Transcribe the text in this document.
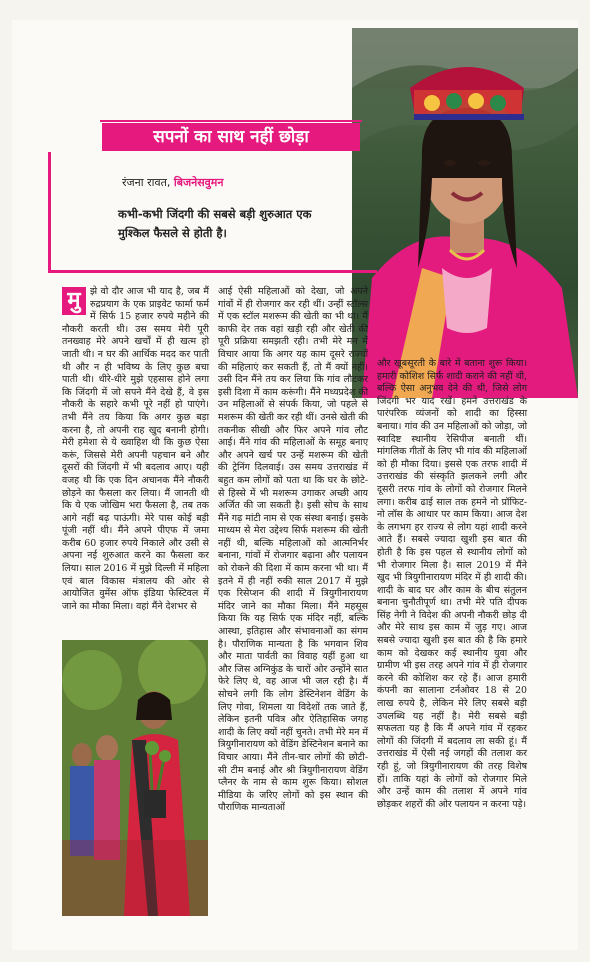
सपनों का साथ नहीं छोड़ा
रंजना रावत, बिजनेसवुमन
कभी-कभी जिंदगी की सबसे बड़ी शुरुआत एक मुश्किल फैसले से होती है।
मु	झे वो दौर आज भी याद है, जब मैं रुद्रप्रयाग के एक प्राइवेट फार्मा फर्म में सिर्फ 15 हजार रुपये महीने की नौकरी करती थी। उस समय मेरी पूरी तनख्वाह मेरे अपने खर्चों में ही खत्म हो जाती थी। न घर की आर्थिक मदद कर पाती थी और न ही भविष्य के लिए कुछ बचा पाती थी। धीरे-धीरे मुझे एहसास होने लगा कि जिंदगी में जो सपने मैंने देखे हैं, वे इस नौकरी के सहारे कभी पूरे नहीं हो पाएंगे। तभी मैंने तय किया कि अगर कुछ बड़ा करना है, तो अपनी राह खुद बनानी होगी। मेरी हमेशा से ये ख्वाहिश थी कि कुछ ऐसा करूं, जिससे मेरी अपनी पहचान बने और दूसरों की जिंदगी में भी बदलाव आए। यही वजह थी कि एक दिन अचानक मैंने नौकरी छोड़ने का फैसला कर लिया। मैं जानती थी कि ये एक जोखिम भरा फैसला है, तब तक आगे नहीं बढ़ पाऊंगी। मेरे पास कोई बड़ी पूंजी नहीं थी। मैंने अपने पीएफ में जमा करीब 60 हजार रुपये निकाले और उसी से अपना नई शुरुआत करने का फैसला कर लिया। साल 2016 में मुझे दिल्ली में महिला एवं बाल विकास मंत्रालय की ओर से आयोजित वुमेंस ऑफ इंडिया फेस्टिवल में जाने का मौका मिला। वहां मैंने देशभर से
आई ऐसी महिलाओं को देखा, जो अपने गांवों में ही रोजगार कर रही थीं। उन्हीं स्टॉल्स में एक स्टॉल मशरूम की खेती का भी था। मैं काफी देर तक वहां खड़ी रही और खेती की पूरी प्रक्रिया समझती रही। तभी मेरे मन में विचार आया कि अगर यह काम दूसरे राज्यों की महिलाएं कर सकती हैं, तो मैं क्यों नहीं। उसी दिन मैंने तय कर लिया कि गांव लौटकर इसी दिशा में काम करूंगी। मैंने मध्यप्रदेश की उन महिलाओं से संपर्क किया, जो पहले से मशरूम की खेती कर रही थीं। उनसे खेती की तकनीक सीखी और फिर अपने गांव लौट आई। मैंने गांव की महिलाओं के समूह बनाए और अपने खर्च पर उन्हें मशरूम की खेती की ट्रेनिंग दिलवाई। उस समय उत्तराखंड में बहुत कम लोगों को पता था कि घर के छोटे-से हिस्से में भी मशरूम उगाकर अच्छी आय अर्जित की जा सकती है। इसी सोच के साथ मैंने गढ़ मांटी नाम से एक संस्था बनाई। इसके माध्यम से मेरा उद्देश्य सिर्फ मशरूम की खेती नहीं थी, बल्कि महिलाओं को आत्मनिर्भर बनाना, गांवों में रोजगार बढ़ाना और पलायन को रोकने की दिशा में काम करना भी था। मैं इतने में ही नहीं रुकी साल 2017 में मुझे एक रिसेप्शन की शादी में त्रियुगीनारायण मंदिर जाने का मौका मिला। मैंने महसूस किया कि यह सिर्फ एक मंदिर नहीं, बल्कि आस्था, इतिहास और संभावनाओं का संगम है। पौराणिक मान्यता है कि भगवान शिव और माता पार्वती का विवाह यहीं हुआ था और जिस अग्निकुंड के चारों ओर उन्होंने सात फेरे लिए थे, वह आज भी जल रही है। मैं सोचने लगी कि लोग डेस्टिनेशन वेडिंग के लिए गोवा, शिमला या विदेशों तक जाते हैं, लेकिन इतनी पवित्र और ऐतिहासिक जगह शादी के लिए क्यों नहीं चुनते। तभी मेरे मन में त्रियुगीनारायण को वेडिंग डेस्टिनेशन बनाने का विचार आया। मैंने तीन-चार लोगों की छोटी-सी टीम बनाई और श्री त्रियुगीनारायण वेडिंग प्लैनर के नाम से काम शुरू किया। सोशल मीडिया के जरिए लोगों को इस स्थान की पौराणिक मान्यताओं
और खूबसूरती के बारे में बताना शुरू किया। हमारी कोशिश सिर्फ शादी कराने की नहीं थी, बल्कि ऐसा अनुभव देने की थी, जिसे लोग जिंदगी भर याद रखें। हमने उत्तराखंड के पारंपरिक व्यंजनों को शादी का हिस्सा बनाया। गांव की उन महिलाओं को जोड़ा, जो स्वादिष्ट स्थानीय रेसिपीज बनाती थीं। मांगलिक गीतों के लिए भी गांव की महिलाओं को ही मौका दिया। इससे एक तरफ शादी में उत्तराखंड की संस्कृति झलकने लगी और दूसरी तरफ गांव के लोगों को रोजगार मिलने लगा। करीब ढाई साल तक हमने नो प्रॉफिट-नो लॉस के आधार पर काम किया। आज देश के लगभग हर राज्य से लोग यहां शादी करने आते हैं। सबसे ज्यादा खुशी इस बात की होती है कि इस पहल से स्थानीय लोगों को भी रोजगार मिला है। साल 2019 में मैंने खुद भी त्रियुगीनारायण मंदिर में ही शादी की। शादी के बाद घर और काम के बीच संतुलन बनाना चुनौतीपूर्ण था। तभी मेरे पति दीपक सिंह नेगी ने विदेश की अपनी नौकरी छोड़ दी और मेरे साथ इस काम में जुड़ गए। आज सबसे ज्यादा खुशी इस बात की है कि हमारे काम को देखकर कई स्थानीय युवा और ग्रामीण भी इस तरह अपने गांव में ही रोजगार करने की कोशिश कर रहे हैं। आज हमारी कंपनी का सालाना टर्नओवर 18 से 20 लाख रुपये है, लेकिन मेरे लिए सबसे बड़ी उपलब्धि यह नहीं है। मेरी सबसे बड़ी सफलता यह है कि मैं अपने गांव में रहकर लोगों की जिंदगी में बदलाव ला सकी हूं। मैं उत्तराखंड में ऐसी नई जगहों की तलाश कर रही हूं, जो त्रियुगीनारायण की तरह विशेष हों। ताकि यहां के लोगों को रोजगार मिले और उन्हें काम की तलाश में अपने गांव छोड़कर शहरों की ओर पलायन न करना पड़े।
